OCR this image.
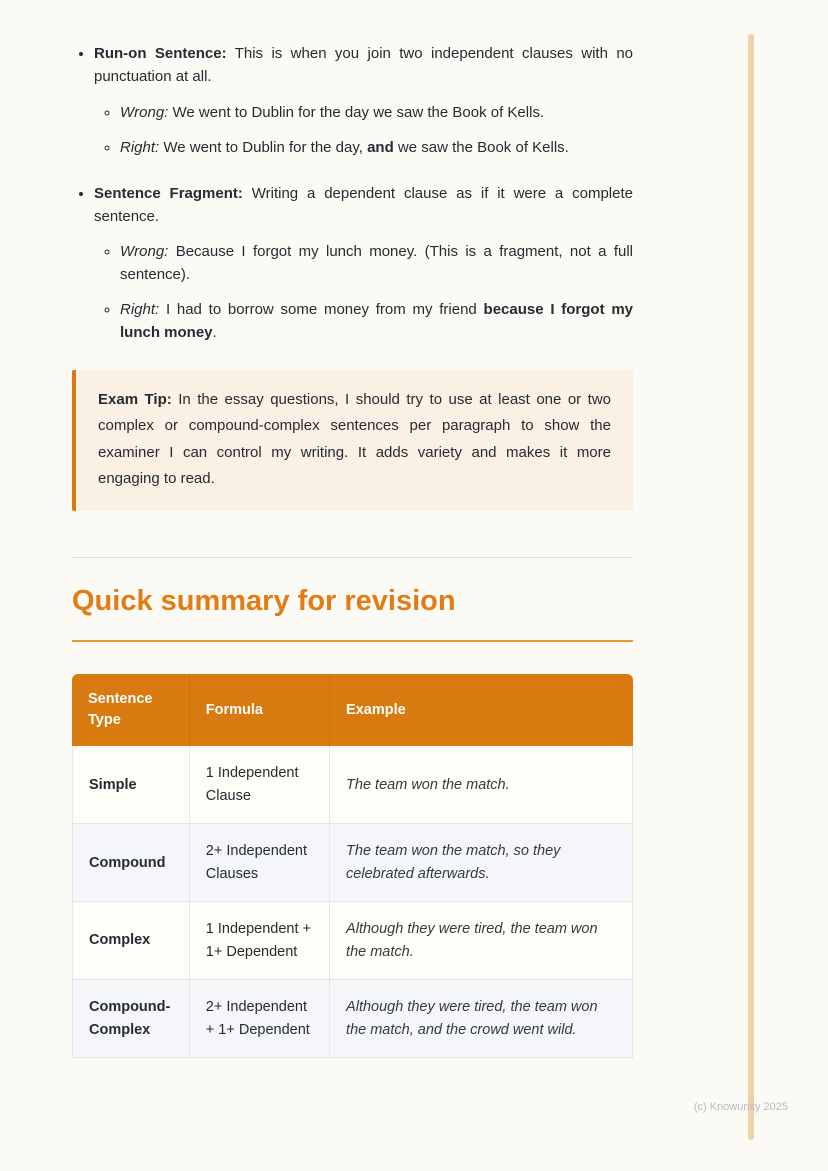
• Run-on Sentence: This is when you join two independent clauses with no punctuation at all.
◦ Wrong: We went to Dublin for the day we saw the Book of Kells.
◦ Right: We went to Dublin for the day, and we saw the Book of Kells.
• Sentence Fragment: Writing a dependent clause as if it were a complete sentence.
◦ Wrong: Because I forgot my lunch money. (This is a fragment, not a full sentence).
◦ Right: I had to borrow some money from my friend because I forgot my lunch money.
Exam Tip: In the essay questions, I should try to use at least one or two complex or compound-complex sentences per paragraph to show the examiner I can control my writing. It adds variety and makes it more engaging to read.
Quick summary for revision
Sentence Type	Formula	Example
Simple	1 Independent Clause	The team won the match.
Compound	2+ Independent Clauses	The team won the match, so they celebrated afterwards.
Complex	1 Independent + 1+ Dependent	Although they were tired, the team won the match.
Compound-Complex	2+ Independent + 1+ Dependent	Although they were tired, the team won the match, and the crowd went wild.
(c) Knowunity 2025
